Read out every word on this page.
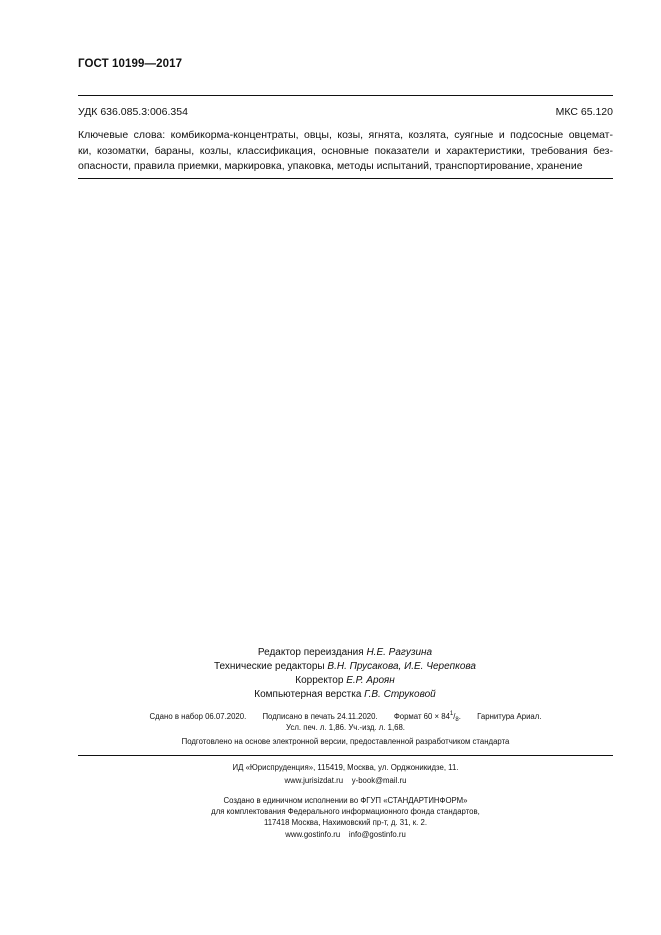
ГОСТ 10199—2017
УДК 636.085.3:006.354	МКС 65.120
Ключевые слова: комбикорма-концентраты, овцы, козы, ягнята, козлята, суягные и подсосные овцемат-
ки, козоматки, бараны, козлы, классификация, основные показатели и характеристики, требования без-
опасности, правила приемки, маркировка, упаковка, методы испытаний, транспортирование, хранение
Редактор переиздания Н.Е. Рагузина
Технические редакторы В.Н. Прусакова, И.Е. Черепкова
Корректор Е.Р. Ароян
Компьютерная верстка Г.В. Струковой
Сдано в набор 06.07.2020. Подписано в печать 24.11.2020. Формат $60 \times 84^1/_8$. Гарнитура Ариал.
Усл. печ. л. 1,86. Уч.-изд. л. 1,68.
Подготовлено на основе электронной версии, предоставленной разработчиком стандарта
ИД «Юриспруденция», 115419, Москва, ул. Орджоникидзе, 11.
www.jurisizdat.ru y-book@mail.ru
Создано в единичном исполнении во ФГУП «СТАНДАРТИНФОРМ»
для комплектования Федерального информационного фонда стандартов,
117418 Москва, Нахимовский пр-т, д. 31, к. 2.
www.gostinfo.ru info@gostinfo.ru
